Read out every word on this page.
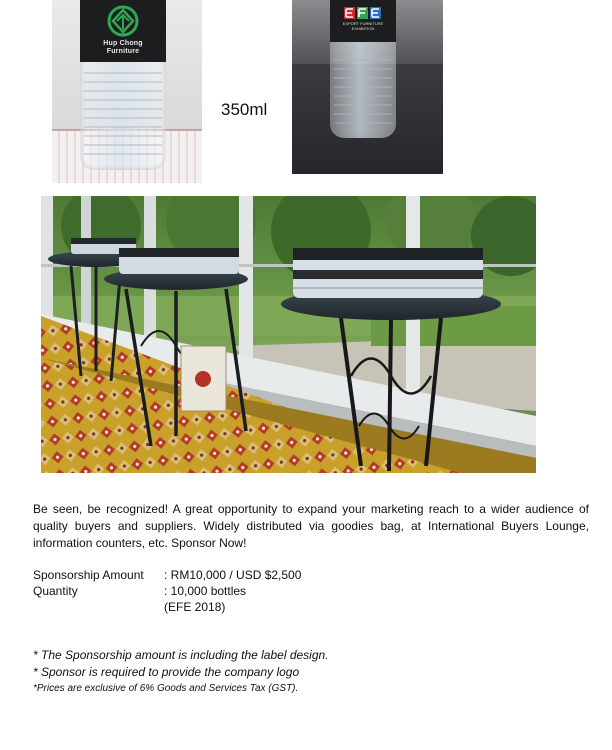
Hup Chong
Furniture
EXPORT FURNITURE
EXHIBITION
350ml

Be seen, be recognized! A great opportunity to expand your marketing reach to a wider audience of quality buyers and suppliers. Widely distributed via goodies bag, at International Buyers Lounge, information counters, etc. Sponsor Now!

Sponsorship Amount : RM10,000 / USD $2,500
Quantity	: 10,000 bottles
(EFE 2018)

* The Sponsorship amount is including the label design.

* Sponsor is required to provide the company logo

*Prices are exclusive of 6% Goods and Services Tax (GST).
